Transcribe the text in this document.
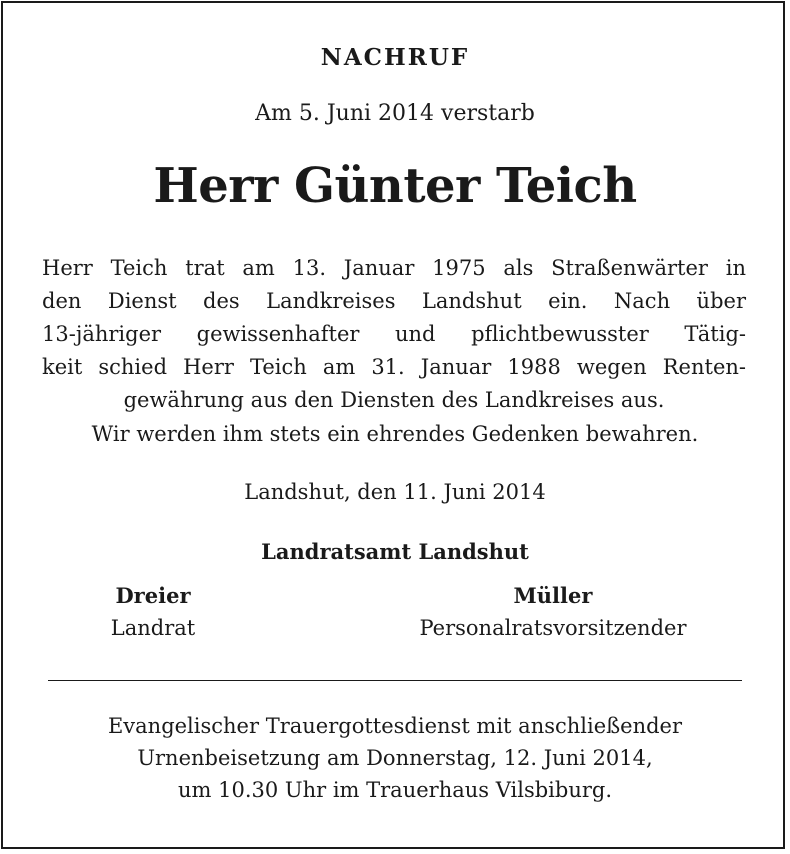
NACHRUF
Am 5. Juni 2014 verstarb
Herr Günter Teich
Herr Teich trat am 13. Januar 1975 als Straßenwärter in
den Dienst des Landkreises Landshut ein. Nach über
13-jähriger gewissenhafter und pflichtbewusster Tätig-
keit schied Herr Teich am 31. Januar 1988 wegen Renten-
gewährung aus den Diensten des Landkreises aus.
Wir werden ihm stets ein ehrendes Gedenken bewahren.
Landshut, den 11. Juni 2014
Landratsamt Landshut
Dreier
Landrat
Müller
Personalratsvorsitzender
Evangelischer Trauergottesdienst mit anschließender
Urnenbeisetzung am Donnerstag, 12. Juni 2014,
um 10.30 Uhr im Trauerhaus Vilsbiburg.
